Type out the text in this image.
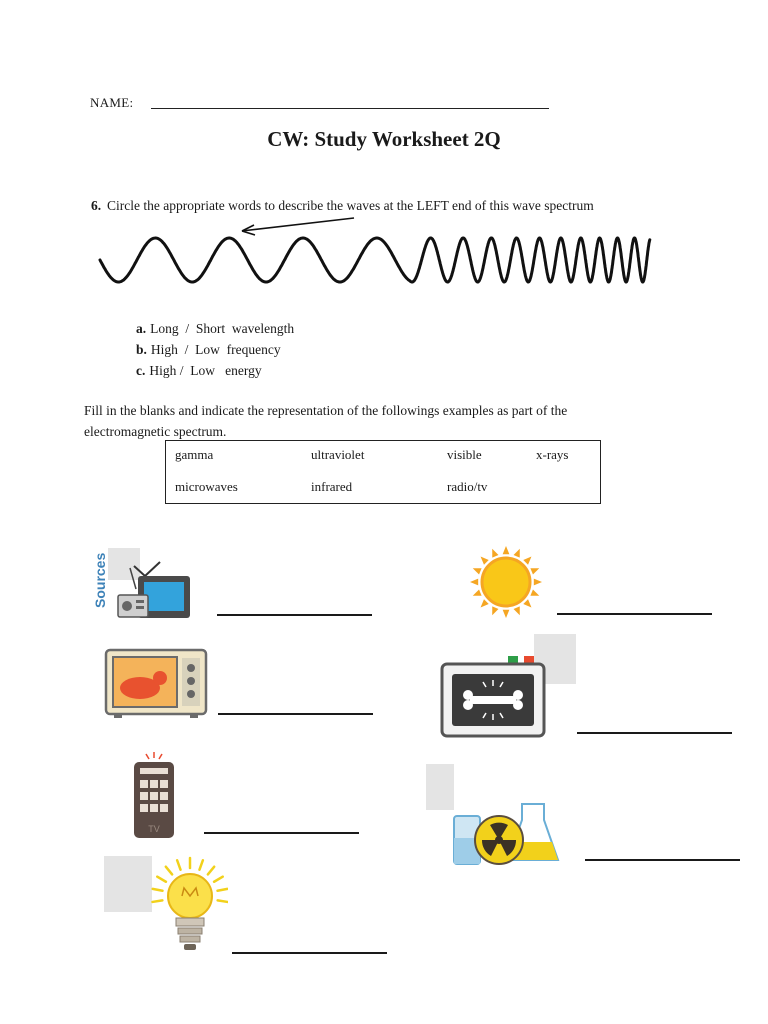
NAME:
CW: Study Worksheet 2Q
6. Circle the appropriate words to describe the waves at the LEFT end of this wave spectrum
a. Long  /  Short  wavelength
b. High  /  Low  frequency
c. High /  Low   energy
Fill in the blanks and indicate the representation of the followings examples as part of the electromagnetic spectrum.
gamma	ultraviolet	visible	x-rays
microwaves	infrared	radio/tv
Sources
TV
